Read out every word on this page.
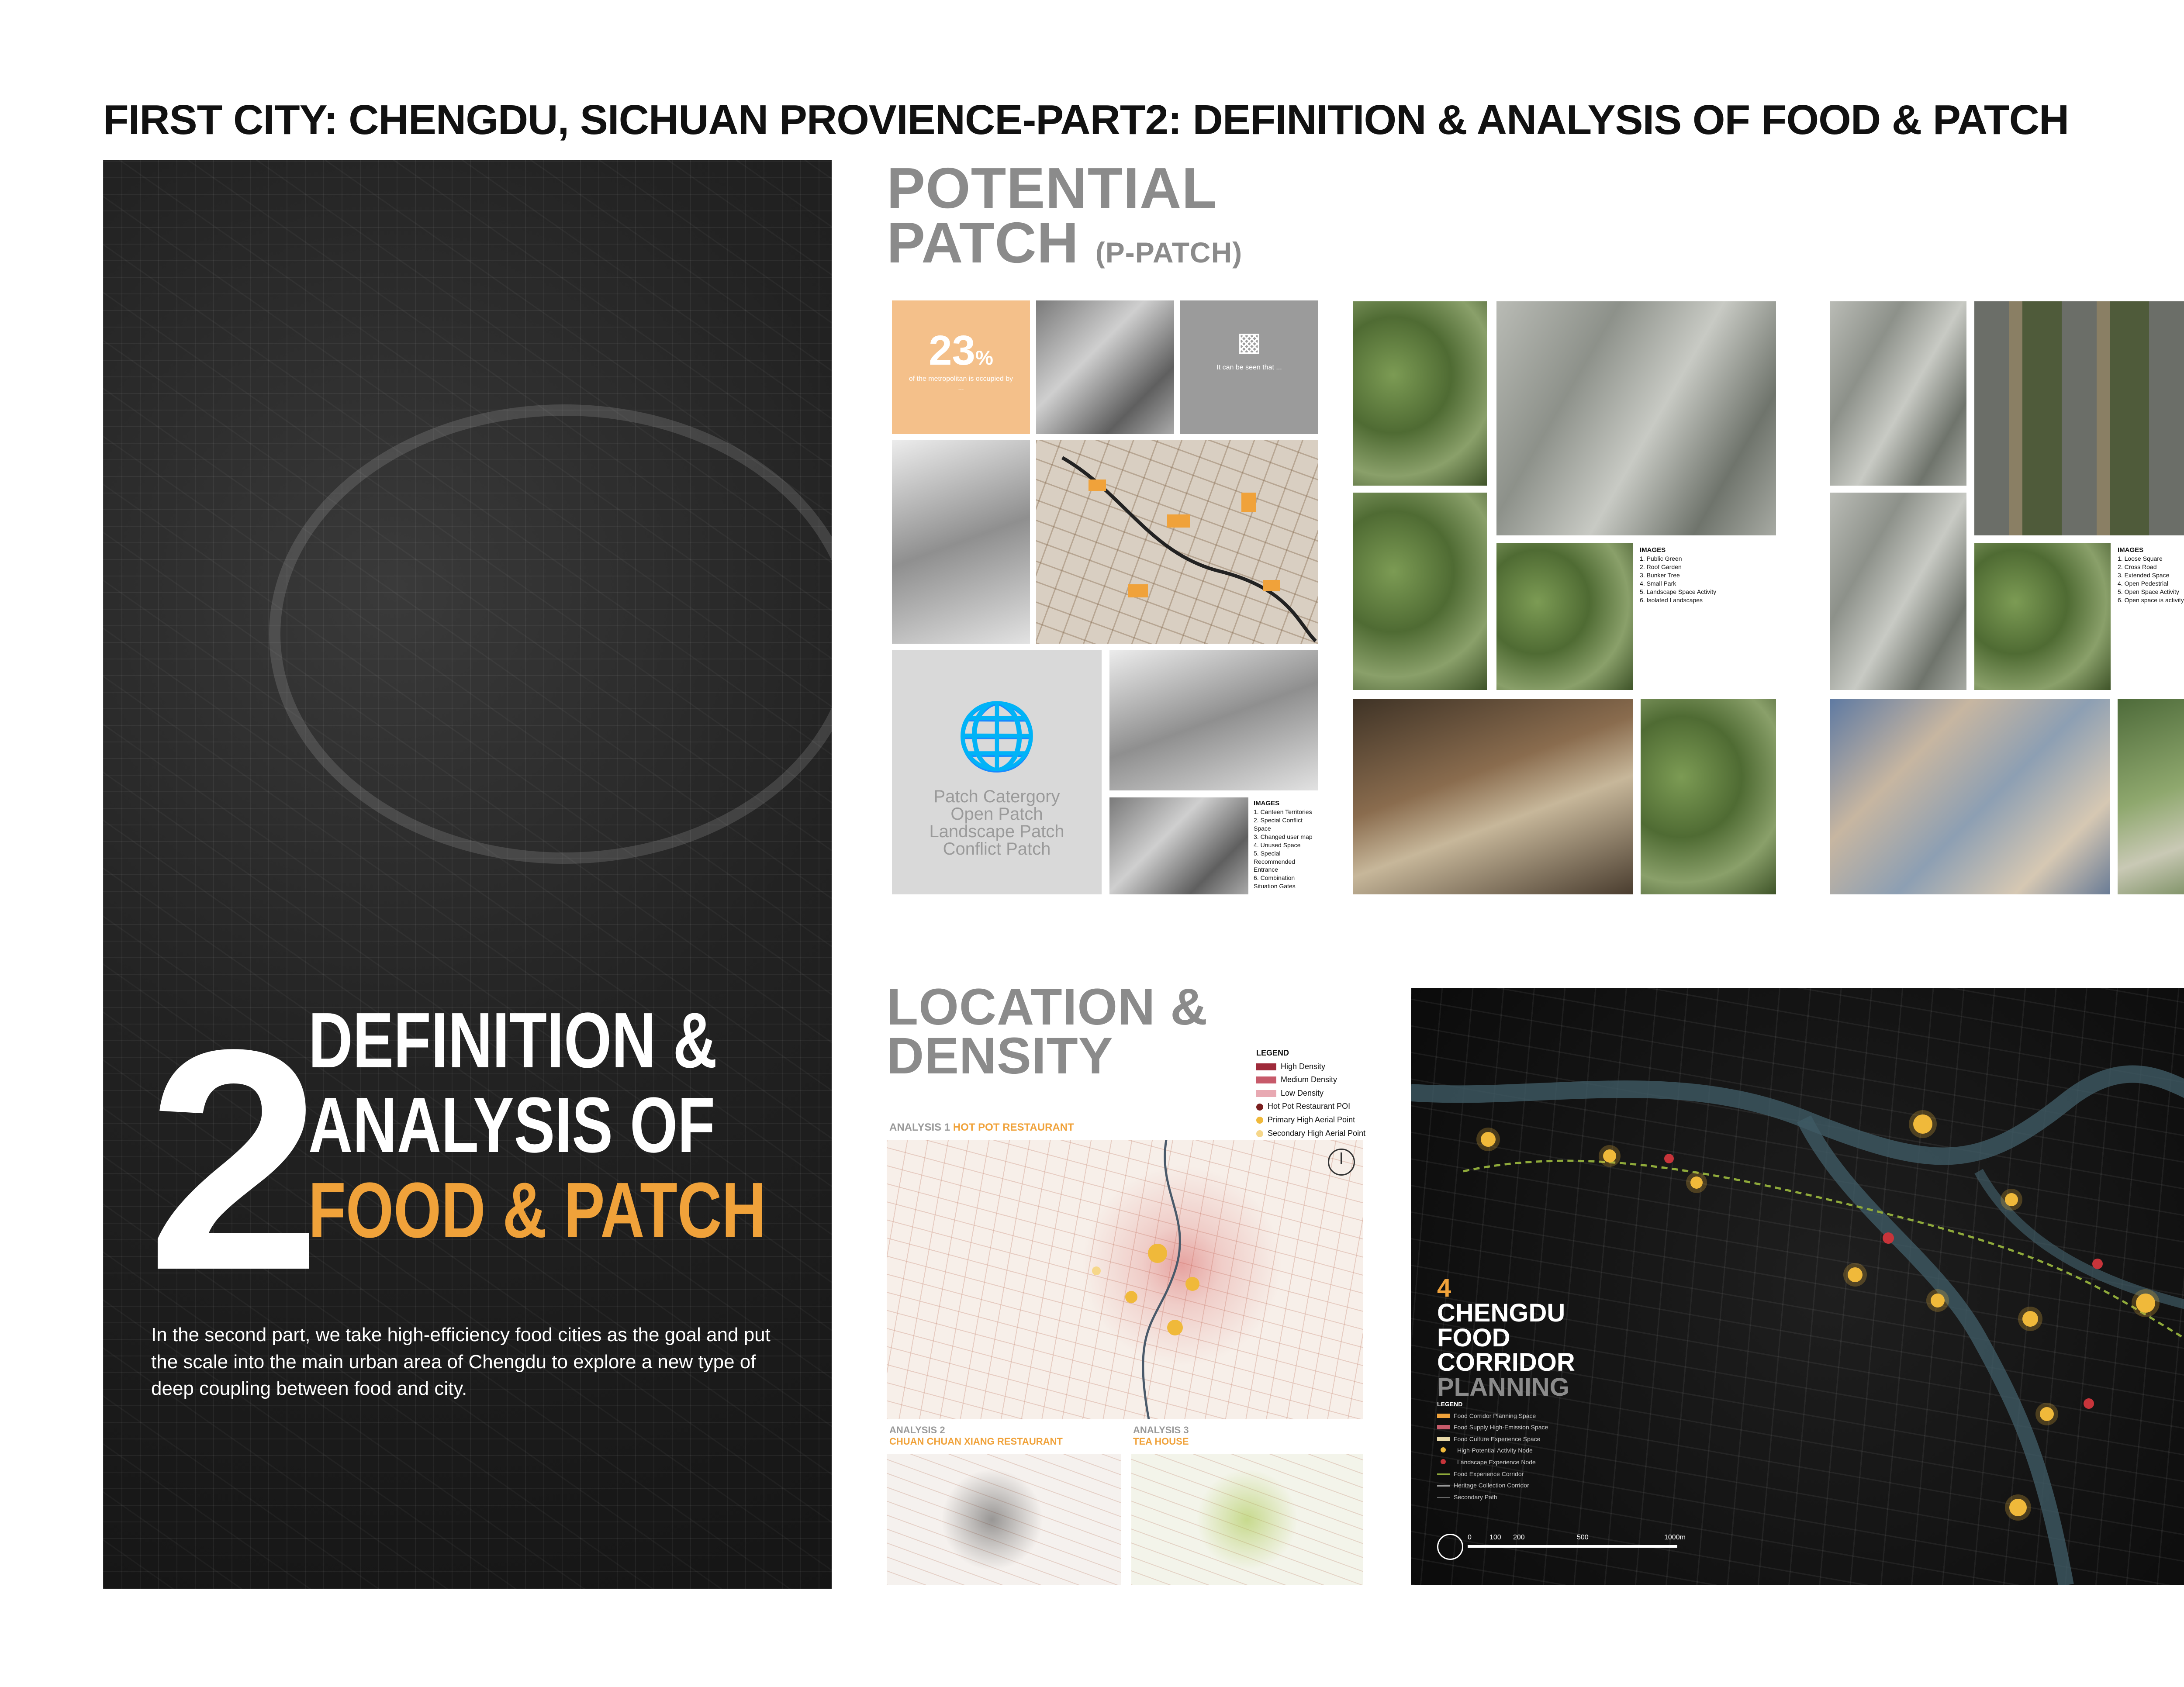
FIRST CITY: CHENGDU, SICHUAN PROVIENCE-PART2: DEFINITION & ANALYSIS OF FOOD & PATCH
2
DEFINITION &
ANALYSIS OF
FOOD & PATCH
In the second part, we take high-efficiency food cities as the goal and put the scale into the main urban area of Chengdu to explore a new type of deep coupling between food and city.
POTENTIAL
PATCH (P-PATCH)
23%
of the metropolitan is occupied by ...
▩
It can be seen that ...
🌐
Patch Catergory
Open Patch
Landscape Patch
Conflict Patch
IMAGES
1. Canteen Territories
2. Special Conflict Space
3. Changed user map
4. Unused Space
5. Special Recommended Entrance
6. Combination Situation Gates
IMAGES
1. Public Green
2. Roof Garden
3. Bunker Tree
4. Small Park
5. Landscape Space Activity
6. Isolated Landscapes
IMAGES
1. Loose Square
2. Cross Road
3. Extended Space
4. Open Pedestrial
5. Open Space Activity
6. Open space is activity
LOCATION &
DENSITY	LEGEND
High Density
Medium Density
Low Density
Hot Pot Restaurant POI
Primary High Aerial Point
Secondary High Aerial Point
ANALYSIS 1 HOT POT RESTAURANT
ANALYSIS 2
CHUAN CHUAN XIANG RESTAURANT
ANALYSIS 3
TEA HOUSE
4
CHENGDU
FOOD
CORRIDOR
PLANNING
LEGEND
Food Corridor Planning Space
Food Supply High-Emission Space
Food Culture Experience Space
High-Potential Activity Node
Landscape Experience Node
Food Experience Corridor
Heritage Collection Corridor
Secondary Path
0	100 200	500	1000m
